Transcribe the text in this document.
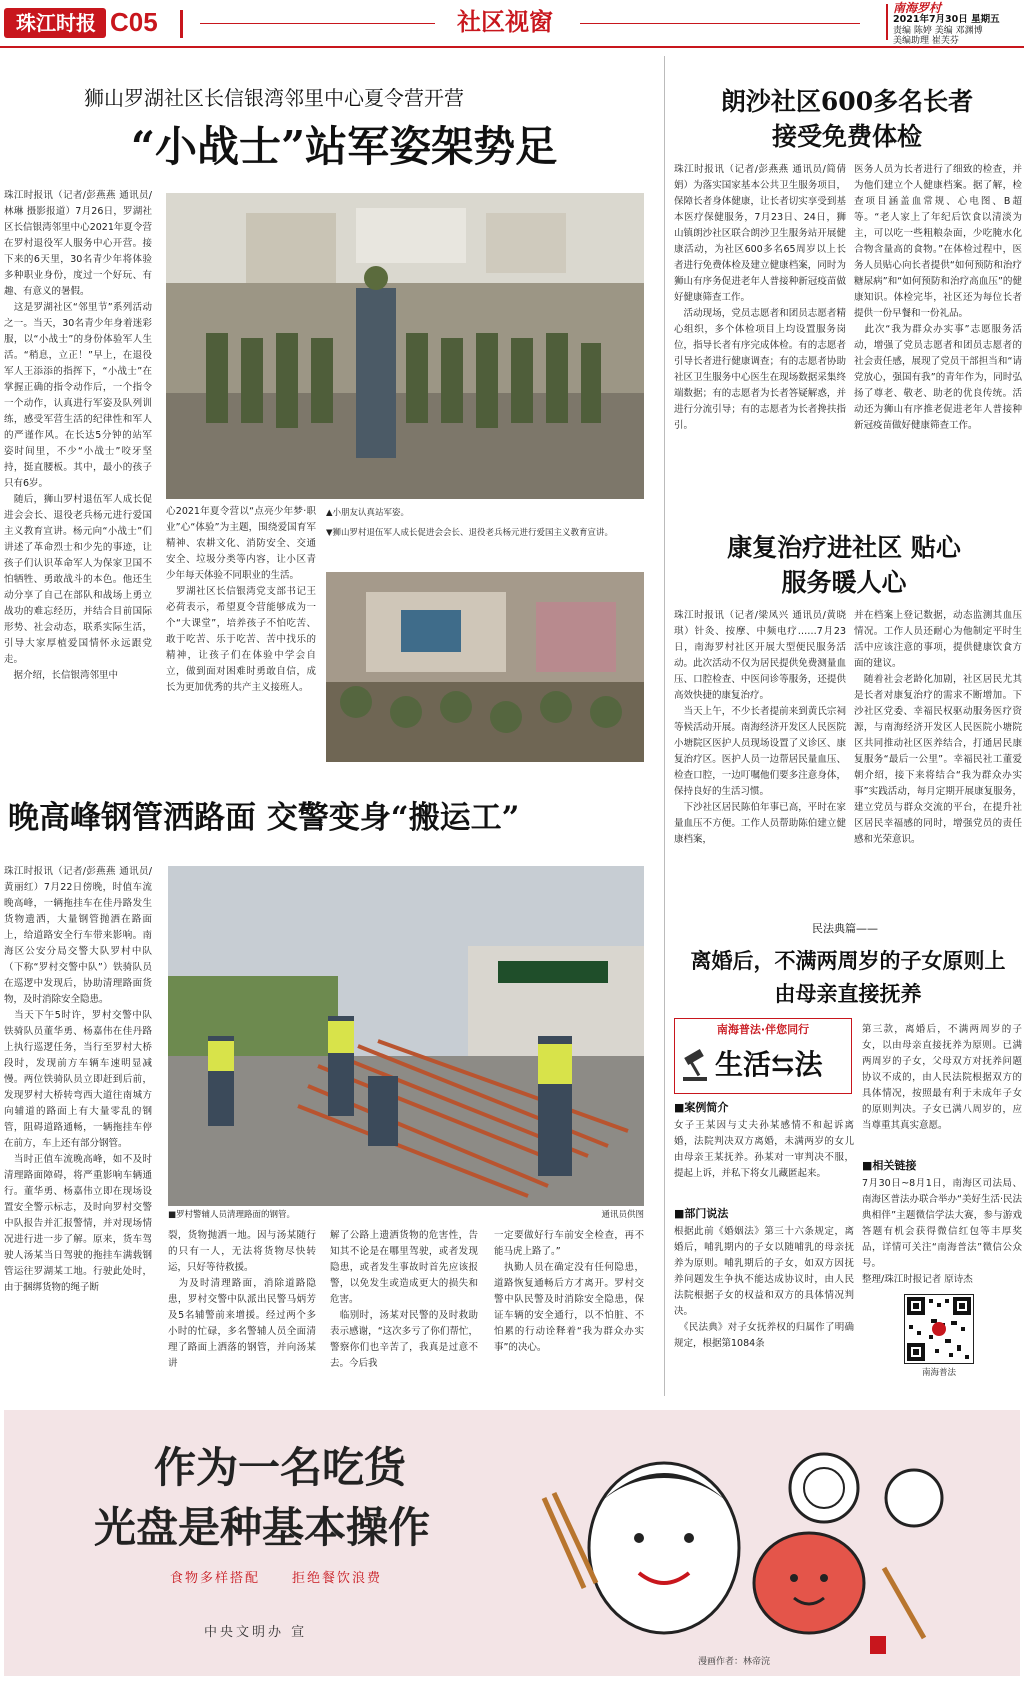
珠江时报 C05	社区视窗	南海罗村
2021年7月30日 星期五
责编 陈婷 美编 邓渊博
美编助理 崔芙芬
狮山罗湖社区长信银湾邻里中心夏令营开营
“小战士”站军姿架势足
珠江时报讯（记者/彭燕燕 通讯员/林琳 摄影报道）7月26日，罗湖社区长信银湾邻里中心2021年夏令营在罗村退役军人服务中心开营。接下来的6天里，30名青少年将体验多种职业身份，度过一个好玩、有趣、有意义的暑假。
　这是罗湖社区“邻里节”系列活动之一。当天，30名青少年身着迷彩服，以“小战士”的身份体验军人生活。“稍息，立正！”早上，在退役军人王添添的指挥下，“小战士”在掌握正确的指令动作后，一个指令一个动作，认真进行军姿及队列训练，感受军营生活的纪律性和军人的严谨作风。在长达5分钟的站军姿时间里，不少“小战士”咬牙坚持，挺直腰板。其中，最小的孩子只有6岁。
　随后，狮山罗村退伍军人成长促进会会长、退役老兵杨元进行爱国主义教育宣讲。杨元向“小战士”们讲述了革命烈士和少先的事迹，让孩子们认识革命军人为保家卫国不怕牺牲、勇敢战斗的本色。他还生动分享了自己在部队和战场上勇立战功的难忘经历，并结合目前国际形势、社会动态，联系实际生活，引导大家厚植爱国情怀永远跟党走。
　据介绍，长信银湾邻里中
心2021年夏令营以“点亮少年梦·职业”心“体验”为主题，围绕爱国育军精神、农耕文化、消防安全、交通安全、垃圾分类等内容，让小区青少年每天体验不同职业的生活。
　罗湖社区长信银湾党支部书记王必荷表示，希望夏令营能够成为一个“大课堂”，培养孩子不怕吃苦、敢于吃苦、乐于吃苦、苦中找乐的精神，让孩子们在体验中学会自立，做到面对困难时勇敢自信，成长为更加优秀的共产主义接班人。
▲小朋友认真站军姿。
▼狮山罗村退伍军人成长促进会会长、退役老兵杨元进行爱国主义教育宣讲。
朗沙社区600多名长者接受免费体检
珠江时报讯（记者/彭燕燕 通讯员/简倩娟）为落实国家基本公共卫生服务项目，保障长者身体健康，让长者切实享受到基本医疗保健服务，7月23日、24日，狮山镇朗沙社区联合朗沙卫生服务站开展健康活动，为社区600多名65周岁以上长者进行免费体检及建立健康档案，同时为狮山有序务促进老年人普接种新冠疫苗做好健康筛查工作。
　活动现场，党员志愿者和团员志愿者精心组织，多个体检项目上均设置服务岗位，指导长者有序完成体检。有的志愿者引导长者进行健康调查；有的志愿者协助社区卫生服务中心医生在现场数据采集终端数据；有的志愿者为长者答疑解惑，并进行分流引导；有的志愿者为长者搀扶指引。
医务人员为长者进行了细致的检查，并为他们建立个人健康档案。据了解，检查项目涵盖血常规、心电图、B超等。“老人家上了年纪后饮食以清淡为主，可以吃一些粗粮杂面，少吃腌水化合物含量高的食物。”在体检过程中，医务人员贴心向长者提供“如何预防和治疗糖尿病”和“如何预防和治疗高血压”的健康知识。体检完毕，社区还为每位长者提供一份早餐和一份礼品。
　此次“我为群众办实事”志愿服务活动，增强了党员志愿者和团员志愿者的社会责任感，展现了党员干部担当和“请党放心，强国有我”的青年作为，同时弘扬了尊老、敬老、助老的优良传统。活动还为狮山有序推老促进老年人普接种新冠疫苗做好健康筛查工作。
康复治疗进社区 贴心服务暖人心
珠江时报讯（记者/梁凤兴 通讯员/黄晓琪）针灸、按摩、中频电疗……7月23日，南海罗村社区开展大型便民服务活动。此次活动不仅为居民提供免费测量血压、口腔检查、中医问诊等服务，还提供高效快捷的康复治疗。
　当天上午，不少长者提前来到黄氏宗祠等候活动开展。南海经济开发区人民医院小塘院区医护人员现场设置了义诊区、康复治疗区。医护人员一边帮居民量血压、检查口腔，一边叮嘱他们要多注意身体，保持良好的生活习惯。
　下沙社区居民陈伯年事已高，平时在家量血压不方便。工作人员帮助陈伯建立健康档案，
并在档案上登记数据，动态监测其血压情况。工作人员还耐心为他制定平时生活中应该注意的事项，提供健康饮食方面的建议。
　随着社会老龄化加剧，社区居民尤其是长者对康复治疗的需求不断增加。下沙社区党委、幸福民权驱动服务医疗资源，与南海经济开发区人民医院小塘院区共同推动社区医养结合，打通居民康复服务“最后一公里”。幸福民社工董爱朝介绍，接下来将结合“我为群众办实事”实践活动，每月定期开展康复服务，建立党员与群众交流的平台，在提升社区居民幸福感的同时，增强党员的责任感和光荣意识。
晚高峰钢管洒路面 交警变身“搬运工”
珠江时报讯（记者/彭燕燕 通讯员/黄丽红）7月22日傍晚，时值车流晚高峰，一辆拖挂车在佳丹路发生货物遗洒，大量钢管抛洒在路面上，给道路安全行车带来影响。南海区公安分局交警大队罗村中队（下称“罗村交警中队”）铁骑队员在巡逻中发现后，协助清理路面货物，及时消除安全隐患。
　当天下午5时许，罗村交警中队铁骑队员董华勇、杨嘉伟在佳丹路上执行巡逻任务，当行至罗村大桥段时，发现前方车辆车速明显减慢。两位铁骑队员立即赶到后前，发现罗村大桥转弯西大道往南城方向辅道的路面上有大量零乱的钢管，阻碍道路通畅，一辆拖挂车停在前方，车上还有部分钢管。
　当时正值车流晚高峰，如不及时清理路面障碍，将严重影响车辆通行。董华勇、杨嘉伟立即在现场设置安全警示标志，及时向罗村交警中队报告并汇报警情，并对现场情况进行进一步了解。原来，货车驾驶人汤某当日驾驶的拖挂车满载钢管运往罗湖某工地。行驶此处时，由于捆绑货物的绳子断
■罗村警辅人员清理路面的钢管。	通讯员供图
裂，货物抛洒一地。因与汤某随行的只有一人，无法将货物尽快转运，只好等待救援。
　为及时清理路面，消除道路隐患，罗村交警中队派出民警马炳芳及5名辅警前来增援。经过两个多小时的忙碌，多名警辅人员全面清理了路面上洒落的钢管，并向汤某讲
解了公路上遗洒货物的危害性，告知其不论是在哪里驾驶，或者发现隐患，或者发生事故时首先应该报警，以免发生或造成更大的损失和危害。
　临别时，汤某对民警的及时救助表示感谢，“这次多亏了你们帮忙，警察你们也辛苦了，我真是过意不去。今后我
一定要做好行车前安全检查，再不能马虎上路了。”
　执勤人员在确定没有任何隐患，道路恢复通畅后方才离开。罗村交警中队民警及时消除安全隐患，保证车辆的安全通行，以不怕脏、不怕累的行动诠释着“我为群众办实事”的决心。
民法典篇——
离婚后，不满两周岁的子女原则上由母亲直接抚养
南海普法·伴您同行
生活⇆法
■案例简介
女子王某因与丈夫孙某感情不和起诉离婚，法院判决双方离婚，未满两岁的女儿由母亲王某抚养。孙某对一审判决不服，提起上诉，并私下将女儿藏匿起来。
■部门说法
根据此前《婚姻法》第三十六条规定，离婚后，哺乳期内的子女以随哺乳的母亲抚养为原则。哺乳期后的子女，如双方因抚养问题发生争执不能达成协议时，由人民法院根据子女的权益和双方的具体情况判决。
　《民法典》对子女抚养权的归属作了明确规定，根据第1084条
第三款，离婚后，不满两周岁的子女，以由母亲直接抚养为原则。已满两周岁的子女，父母双方对抚养问题协议不成的，由人民法院根据双方的具体情况，按照最有利于未成年子女的原则判决。子女已满八周岁的，应当尊重其真实意愿。
■相关链接
7月30日~8月1日，南海区司法局、南海区普法办联合举办“美好生活·民法典相伴”主题微信学法大赛，参与游戏答题有机会获得微信红包等丰厚奖品，详情可关注“南海普法”微信公众号。
整理/珠江时报记者 原诗杰
南海普法
作为一名吃货
光盘是种基本操作
食物多样搭配 拒绝餐饮浪费
中央文明办 宣
漫画作者：林帝浣
